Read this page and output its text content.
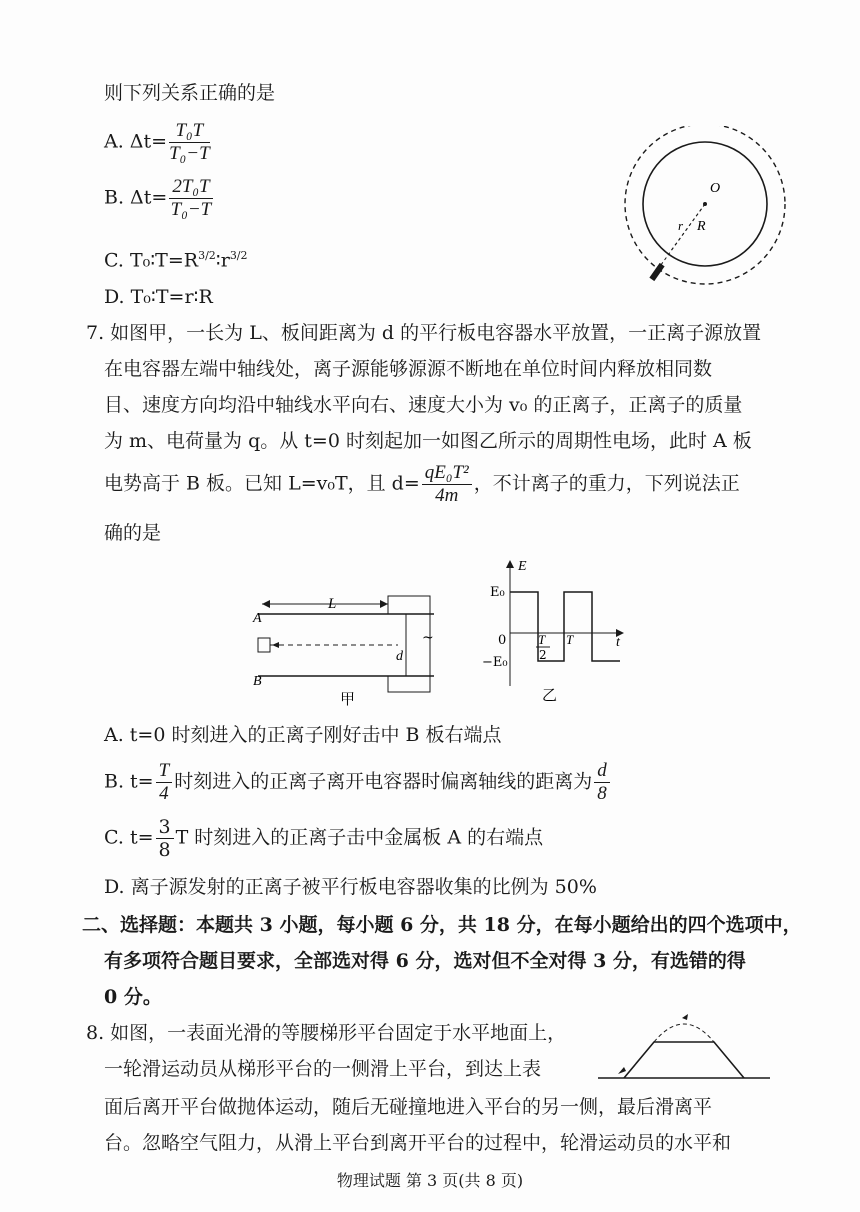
则下列关系正确的是
A. $\Delta t= \frac{\text{T₀T}}{\text{T₀−T}}$
B. $\Delta t= \frac{\text{2T₀T}}{\text{T₀−T}}$
C. $T_0∶T=R^{3/2}∶r^{3/2}$
D. T₀∶T=r∶R
O
r R
7. 如图甲，一长为 L、板间距离为 d 的平行板电容器水平放置，一正离子源放置
在电容器左端中轴线处，离子源能够源源不断地在单位时间内释放相同数
目、速度方向均沿中轴线水平向右、速度大小为 v₀ 的正离子，正离子的质量
为 m、电荷量为 q。从 t=0 时刻起加一如图乙所示的周期性电场，此时 A 板
电势高于 B 板。已知 L=v₀T，且 $d= \frac{\text{qE₀T²}}{4m}$ ，不计离子的重力，下列说法正
确的是
L
A
B
d
~
甲
E
E₀
−E₀
0 T
2
T	t
乙
A. t=0 时刻进入的正离子刚好击中 B 板右端点
B. $t= \frac{T}{4}$ 时刻进入的正离子离开电容器时偏离轴线的距离为 $\frac{d}{8}$
C. $t= \frac{3}{8}$ T 时刻进入的正离子击中金属板 A 的右端点
D. 离子源发射的正离子被平行板电容器收集的比例为 50%
二、选择题：本题共 3 小题，每小题 6 分，共 18 分，在每小题给出的四个选项中，
有多项符合题目要求，全部选对得 6 分，选对但不全对得 3 分，有选错的得
0 分。
8. 如图，一表面光滑的等腰梯形平台固定于水平地面上，
一轮滑运动员从梯形平台的一侧滑上平台，到达上表
面后离开平台做抛体运动，随后无碰撞地进入平台的另一侧，最后滑离平
台。忽略空气阻力，从滑上平台到离开平台的过程中，轮滑运动员的水平和
物理试题 第 3 页(共 8 页)
